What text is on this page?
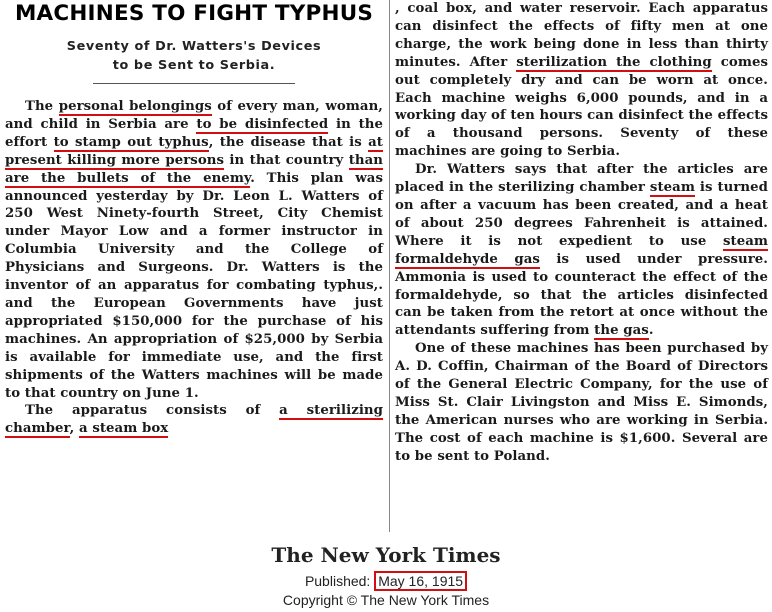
MACHINES TO FIGHT TYPHUS
Seventy of Dr. Watters's Devices
to be Sent to Serbia.

The personal belongings of every man, woman, and child in Serbia are to be disinfected in the effort to stamp out typhus, the disease that is at present killing more persons in that country than are the bullets of the enemy. This plan was announced yesterday by Dr. Leon L. Watters of 250 West Ninety-fourth Street, City Chemist under Mayor Low and a former instructor in Columbia University and the College of Physicians and Surgeons. Dr. Watters is the inventor of an apparatus for combating typhus,. and the European Governments have just appropriated $150,000 for the purchase of his machines. An appropriation of $25,000 by Serbia is available for immediate use, and the first shipments of the Watters machines will be made to that country on June 1.

The apparatus consists of a sterilizing chamber, a steam box

, coal box, and water reservoir. Each apparatus can disinfect the effects of fifty men at one charge, the work being done in less than thirty minutes. After sterilization the clothing comes out completely dry and can be worn at once. Each machine weighs 6,000 pounds, and in a working day of ten hours can disinfect the effects of a thousand persons. Seventy of these machines are going to Serbia.

Dr. Watters says that after the articles are placed in the sterilizing chamber steam is turned on after a vacuum has been created, and a heat of about 250 degrees Fahrenheit is attained. Where it is not expedient to use steam formaldehyde gas is used under pressure. Ammonia is used to counteract the effect of the formaldehyde, so that the articles disinfected can be taken from the retort at once without the attendants suffering from the gas.

One of these machines has been purchased by A. D. Coffin, Chairman of the Board of Directors of the General Electric Company, for the use of Miss St. Clair Livingston and Miss E. Simonds, the American nurses who are working in Serbia. The cost of each machine is $1,600. Several are to be sent to Poland.

The New York Times
Published: May 16, 1915
Copyright © The New York Times
